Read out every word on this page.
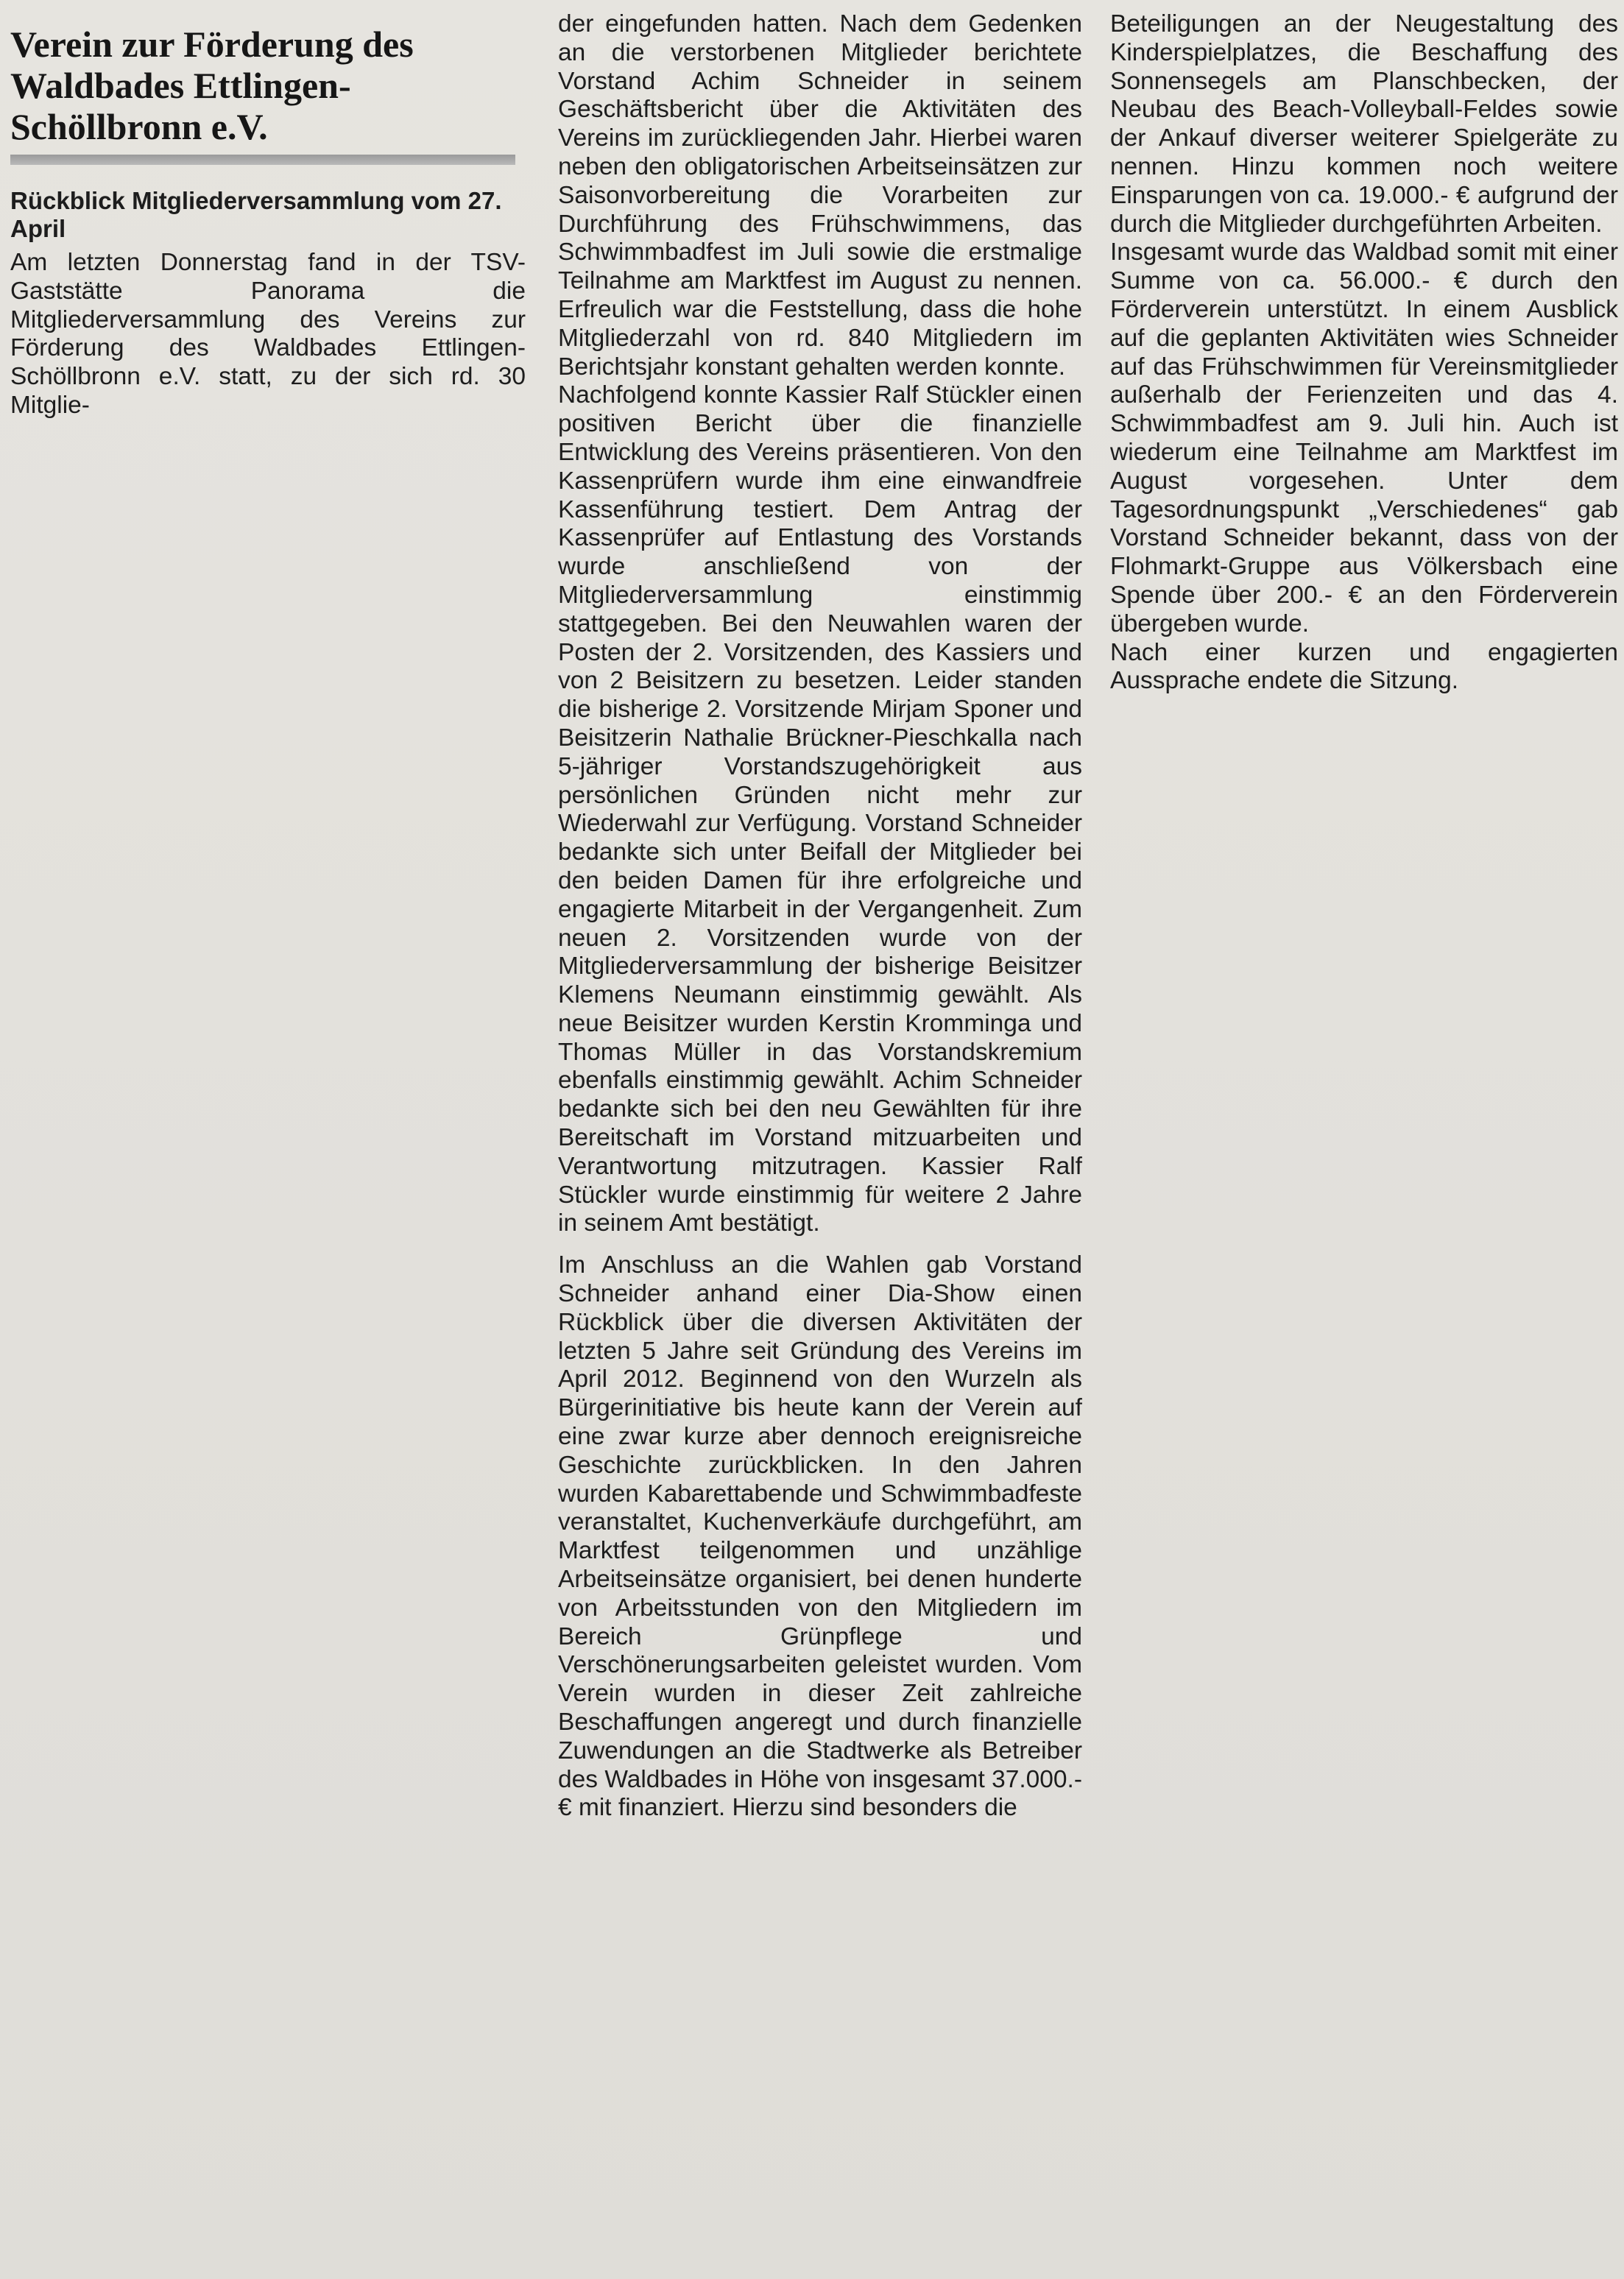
Verein zur Förderung des Waldbades Ettlingen-Schöllbronn e.V.
Rückblick Mitgliederversammlung vom 27. April

Am letzten Donnerstag fand in der TSV-Gaststätte Panorama die Mitgliederversammlung des Vereins zur Förderung des Waldbades Ettlingen-Schöllbronn e.V. statt, zu der sich rd. 30 Mitglie-

der eingefunden hatten. Nach dem Gedenken an die verstorbenen Mitglieder berichtete Vorstand Achim Schneider in seinem Geschäftsbericht über die Aktivitäten des Vereins im zurückliegenden Jahr. Hierbei waren neben den obligatorischen Arbeitseinsätzen zur Saisonvorbereitung die Vorarbeiten zur Durchführung des Frühschwimmens, das Schwimmbadfest im Juli sowie die erstmalige Teilnahme am Marktfest im August zu nennen. Erfreulich war die Feststellung, dass die hohe Mitgliederzahl von rd. 840 Mitgliedern im Berichtsjahr konstant gehalten werden konnte.

Nachfolgend konnte Kassier Ralf Stückler einen positiven Bericht über die finanzielle Entwicklung des Vereins präsentieren. Von den Kassenprüfern wurde ihm eine einwandfreie Kassenführung testiert. Dem Antrag der Kassenprüfer auf Entlastung des Vorstands wurde anschließend von der Mitgliederversammlung einstimmig stattgegeben. Bei den Neuwahlen waren der Posten der 2. Vorsitzenden, des Kassiers und von 2 Beisitzern zu besetzen. Leider standen die bisherige 2. Vorsitzende Mirjam Sponer und Beisitzerin Nathalie Brückner-Pieschkalla nach 5-jähriger Vorstandszugehörigkeit aus persönlichen Gründen nicht mehr zur Wiederwahl zur Verfügung. Vorstand Schneider bedankte sich unter Beifall der Mitglieder bei den beiden Damen für ihre erfolgreiche und engagierte Mitarbeit in der Vergangenheit. Zum neuen 2. Vorsitzenden wurde von der Mitgliederversammlung der bisherige Beisitzer Klemens Neumann einstimmig gewählt. Als neue Beisitzer wurden Kerstin Kromminga und Thomas Müller in das Vorstandskremium ebenfalls einstimmig gewählt. Achim Schneider bedankte sich bei den neu Gewählten für ihre Bereitschaft im Vorstand mitzuarbeiten und Verantwortung mitzutragen. Kassier Ralf Stückler wurde einstimmig für weitere 2 Jahre in seinem Amt bestätigt.

Im Anschluss an die Wahlen gab Vorstand Schneider anhand einer Dia-Show einen Rückblick über die diversen Aktivitäten der letzten 5 Jahre seit Gründung des Vereins im April 2012. Beginnend von den Wurzeln als Bürgerinitiative bis heute kann der Verein auf eine zwar kurze aber dennoch ereignisreiche Geschichte zurückblicken. In den Jahren wurden Kabarettabende und Schwimmbadfeste veranstaltet, Kuchenverkäufe durchgeführt, am Marktfest teilgenommen und unzählige Arbeitseinsätze organisiert, bei denen hunderte von Arbeitsstunden von den Mitgliedern im Bereich Grünpflege und Verschönerungsarbeiten geleistet wurden. Vom Verein wurden in dieser Zeit zahlreiche Beschaffungen angeregt und durch finanzielle Zuwendungen an die Stadtwerke als Betreiber des Waldbades in Höhe von insgesamt 37.000.- € mit finanziert. Hierzu sind besonders die

Beteiligungen an der Neugestaltung des Kinderspielplatzes, die Beschaffung des Sonnensegels am Planschbecken, der Neubau des Beach-Volleyball-Feldes sowie der Ankauf diverser weiterer Spielgeräte zu nennen. Hinzu kommen noch weitere Einsparungen von ca. 19.000.- € aufgrund der durch die Mitglieder durchgeführten Arbeiten.

Insgesamt wurde das Waldbad somit mit einer Summe von ca. 56.000.- € durch den Förderverein unterstützt. In einem Ausblick auf die geplanten Aktivitäten wies Schneider auf das Frühschwimmen für Vereinsmitglieder außerhalb der Ferienzeiten und das 4. Schwimmbadfest am 9. Juli hin. Auch ist wiederum eine Teilnahme am Marktfest im August vorgesehen. Unter dem Tagesordnungspunkt „Verschiedenes“ gab Vorstand Schneider bekannt, dass von der Flohmarkt-Gruppe aus Völkersbach eine Spende über 200.- € an den Förderverein übergeben wurde.

Nach einer kurzen und engagierten Aussprache endete die Sitzung.
